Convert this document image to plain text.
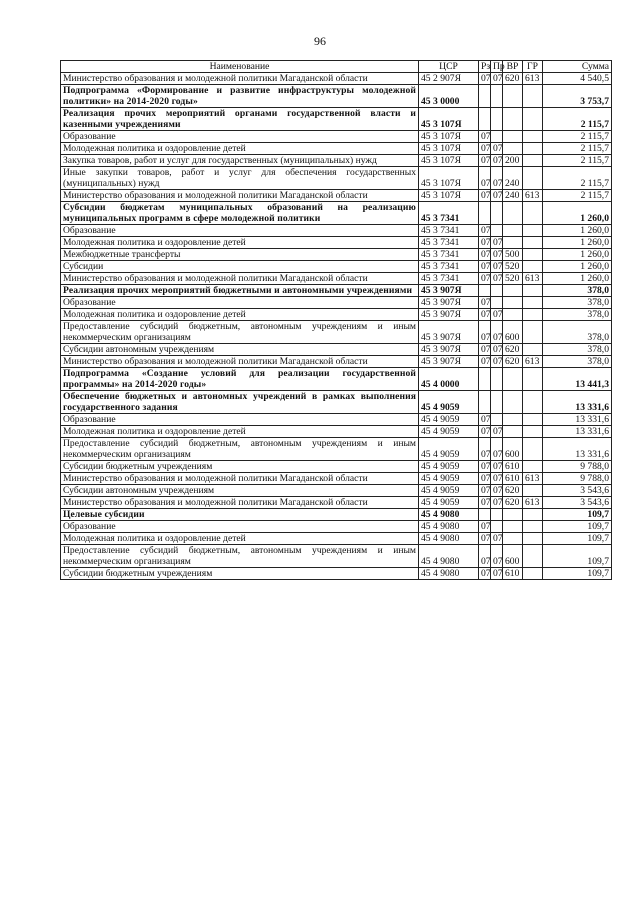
96
Наименование	ЦСР	Рз	Пр	ВР	ГР	Сумма
Министерство образования и молодежной политики Магаданской области	45 2 907Я	07	07	620	613	4 540,5
Подпрограмма «Формирование и развитие инфраструктуры молодежной политики» на 2014-2020 годы»	45 3 0000					3 753,7
Реализация прочих мероприятий органами государственной власти и казенными учреждениями	45 3 107Я					2 115,7
Образование	45 3 107Я	07				2 115,7
Молодежная политика и оздоровление детей	45 3 107Я	07	07			2 115,7
Закупка товаров, работ и услуг для государственных (муниципальных) нужд	45 3 107Я	07	07	200		2 115,7
Иные закупки товаров, работ и услуг для обеспечения государственных (муниципальных) нужд	45 3 107Я	07	07	240		2 115,7
Министерство образования и молодежной политики Магаданской области	45 3 107Я	07	07	240	613	2 115,7
Субсидии бюджетам муниципальных образований на реализацию муниципальных программ в сфере молодежной политики	45 3 7341					1 260,0
Образование	45 3 7341	07				1 260,0
Молодежная политика и оздоровление детей	45 3 7341	07	07			1 260,0
Межбюджетные трансферты	45 3 7341	07	07	500		1 260,0
Субсидии	45 3 7341	07	07	520		1 260,0
Министерство образования и молодежной политики Магаданской области	45 3 7341	07	07	520	613	1 260,0
Реализация прочих мероприятий бюджетными и автономными учреждениями	45 3 907Я					378,0
Образование	45 3 907Я	07				378,0
Молодежная политика и оздоровление детей	45 3 907Я	07	07			378,0
Предоставление субсидий бюджетным, автономным учреждениям и иным некоммерческим организациям	45 3 907Я	07	07	600		378,0
Субсидии автономным учреждениям	45 3 907Я	07	07	620		378,0
Министерство образования и молодежной политики Магаданской области	45 3 907Я	07	07	620	613	378,0
Подпрограмма «Создание условий для реализации государственной программы» на 2014-2020 годы»	45 4 0000					13 441,3
Обеспечение бюджетных и автономных учреждений в рамках выполнения государственного задания	45 4 9059					13 331,6
Образование	45 4 9059	07				13 331,6
Молодежная политика и оздоровление детей	45 4 9059	07	07			13 331,6
Предоставление субсидий бюджетным, автономным учреждениям и иным некоммерческим организациям	45 4 9059	07	07	600		13 331,6
Субсидии бюджетным учреждениям	45 4 9059	07	07	610		9 788,0
Министерство образования и молодежной политики Магаданской области	45 4 9059	07	07	610	613	9 788,0
Субсидии автономным учреждениям	45 4 9059	07	07	620		3 543,6
Министерство образования и молодежной политики Магаданской области	45 4 9059	07	07	620	613	3 543,6
Целевые субсидии	45 4 9080					109,7
Образование	45 4 9080	07				109,7
Молодежная политика и оздоровление детей	45 4 9080	07	07			109,7
Предоставление субсидий бюджетным, автономным учреждениям и иным некоммерческим организациям	45 4 9080	07	07	600		109,7
Субсидии бюджетным учреждениям	45 4 9080	07	07	610		109,7
